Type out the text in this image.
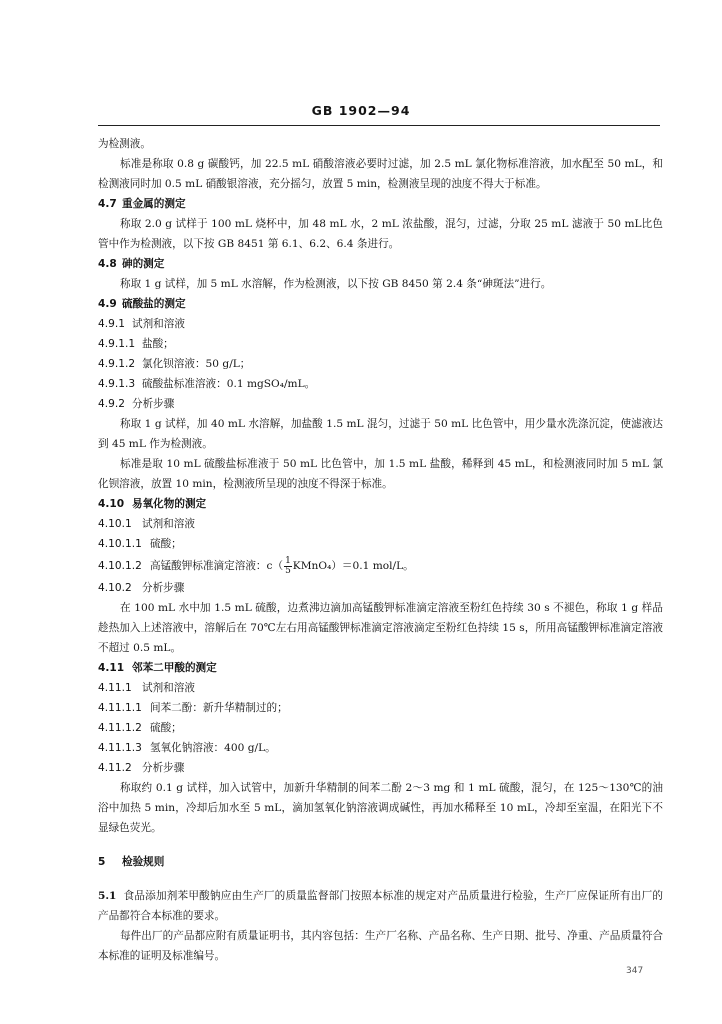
GB 1902—94

为检测液。

标准是称取 0.8 g 碳酸钙，加 22.5 mL 硝酸溶液必要时过滤，加 2.5 mL 氯化物标准溶液，加水配至 50 mL，和检测液同时加 0.5 mL 硝酸银溶液，充分摇匀，放置 5 min，检测液呈现的浊度不得大于标准。

4.7 重金属的测定

称取 2.0 g 试样于 100 mL 烧杯中，加 48 mL 水，2 mL 浓盐酸，混匀，过滤，分取 25 mL 滤液于 50 mL比色管中作为检测液，以下按 GB 8451 第 6.1、6.2、6.4 条进行。

4.8 砷的测定

称取 1 g 试样，加 5 mL 水溶解，作为检测液，以下按 GB 8450 第 2.4 条“砷斑法”进行。

4.9 硫酸盐的测定
4.9.1 试剂和溶液
4.9.1.1 盐酸；
4.9.1.2 氯化钡溶液：50 g/L；
4.9.1.3 硫酸盐标准溶液：0.1 mgSO₄/mL。
4.9.2 分析步骤

称取 1 g 试样，加 40 mL 水溶解，加盐酸 1.5 mL 混匀，过滤于 50 mL 比色管中，用少量水洗涤沉淀，使滤液达到 45 mL 作为检测液。

标准是取 10 mL 硫酸盐标准液于 50 mL 比色管中，加 1.5 mL 盐酸，稀释到 45 mL，和检测液同时加 5 mL 氯化钡溶液，放置 10 min，检测液所呈现的浊度不得深于标准。

4.10 易氧化物的测定
4.10.1 试剂和溶液
4.10.1.1 硫酸；
4.10.1.2 高锰酸钾标准滴定溶液：$c( \frac{1}{5}$ KMnO₄）＝0.1 mol/L。
4.10.2 分析步骤

在 100 mL 水中加 1.5 mL 硫酸，边煮沸边滴加高锰酸钾标准滴定溶液至粉红色持续 30 s 不褪色，称取 1 g 样品趁热加入上述溶液中，溶解后在 70℃左右用高锰酸钾标准滴定溶液滴定至粉红色持续 15 s，所用高锰酸钾标准滴定溶液不超过 0.5 mL。

4.11 邻苯二甲酸的测定
4.11.1 试剂和溶液
4.11.1.1 间苯二酚：新升华精制过的；
4.11.1.2 硫酸；
4.11.1.3 氢氧化钠溶液：400 g/L。
4.11.2 分析步骤

称取约 0.1 g 试样，加入试管中，加新升华精制的间苯二酚 2～3 mg 和 1 mL 硫酸，混匀，在 125～130℃的油浴中加热 5 min，冷却后加水至 5 mL，滴加氢氧化钠溶液调成碱性，再加水稀释至 10 mL，冷却至室温，在阳光下不显绿色荧光。

5 检验规则

5.1 食品添加剂苯甲酸钠应由生产厂的质量监督部门按照本标准的规定对产品质量进行检验，生产厂应保证所有出厂的产品都符合本标准的要求。

每件出厂的产品都应附有质量证明书，其内容包括：生产厂名称、产品名称、生产日期、批号、净重、产品质量符合本标准的证明及标准编号。

347
